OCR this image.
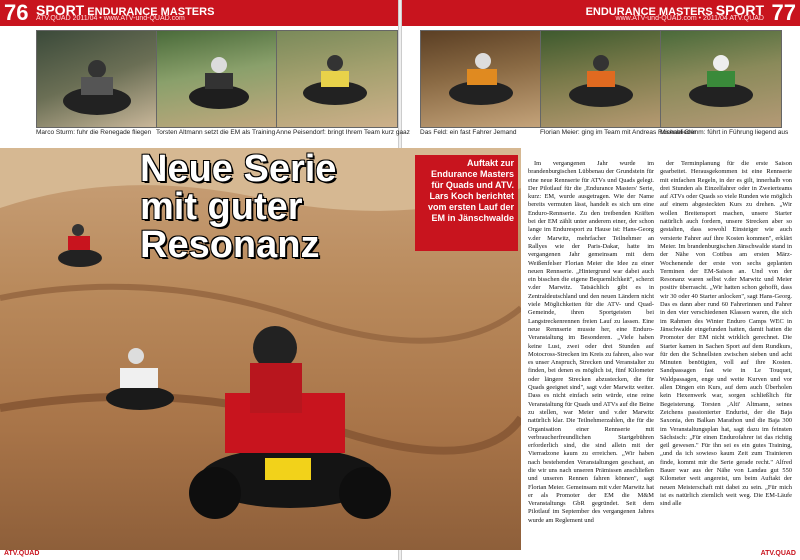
76 SPORT ENDURANCE MASTERS
ATV.QUAD 2011/04 • www.ATV-und-QUAD.com
ATV.QUAD
77
ENDURANCE MASTERS SPORT
www.ATV-und-QUAD.com • 2011/04 ATV.QUAD
ATV.QUAD
Marco Sturm: fuhr die Renegade fliegen Torsten Altmann setzt die EM als Training Anne Peisendorf: bringt Ihrem Team kurz gaaz Das Feld: ein fast Fahrer Jemand	Florian Meier: ging im Team mit Andreas Rosenblieder
Michael Grimm: führt in Führung liegend aus
Neue Serie
mit guter
Resonanz
Auftakt zur Endurance Masters für Quads und ATV. Lars Koch berichtet vom ersten Lauf der EM in Jänschwalde

Im vergangenen Jahr wurde im brandenburgischen Lübbenau der Grundstein für eine neue Rennserie für ATVs und Quads gelegt. Der Pilotlauf für die ‚Endurance Masters' Serie, kurz: EM, wurde ausgetragen. Wie der Name bereits vermuten lässt, handelt es sich um eine Enduro-Rennserie. Zu den treibenden Kräften bei der EM zählt unter anderem einer, der schon lange im Enduresport zu Hause ist: Hans-Georg v.der Marwitz, mehrfacher Teilnehmer an Rallyes wie der Paris-Dakar, hatte im vergangenen Jahr gemeinsam mit dem Weißenfelser Florian Meier die Idee zu einer neuen Rennserie. „Hintergrund war dabei auch ein bisschen die eigene Bequemlichkeit", scherzt v.der Marwitz. Tatsächlich gibt es in Zentraldeutschland und den neuen Ländern nicht viele Möglichkeiten für die ATV- und Quad-Gemeinde, ihren Sportgeisten bei Langstreckenrennen freien Lauf zu lassen. Eine neue Rennserie musste her, eine Enduro-Veranstaltung im Besonderen. „Viele haben keine Lust, zwei oder drei Stunden auf Motocross-Strecken im Kreis zu fahren, also war es unser Anspruch, Strecken und Veranstalter zu finden, bei denen es möglich ist, fünf Kilometer oder längere Strecken abzustecken, die für Quads geeignet sind", sagt v.der Marwitz weiter. Dass es nicht einfach sein würde, eine reine Veranstaltung für Quads und ATVs auf die Beine zu stellen, war Meier und v.der Marwitz natürlich klar. Die Teilnehmerzahlen, die für die Organisation einer Rennserie mit verbraucherfreundlichen Startgebühren erforderlich sind, die sind allein mit der Vierradzone kaum zu erreichen. „Wir haben nach bestehenden Veranstaltungen geschaut, an die wir uns nach unseren Prämissen anschließen und unseren Rennen fahren können", sagt Florian Meier. Gemeinsam mit v.der Marwitz hat er als Promoter der EM die M&M Veranstaltungs GbR gegründet. Seit dem Pilotlauf im September des vergangenen Jahres wurde am Reglement und

der Terminplanung für die erste Saison gearbeitet. Herausgekommen ist eine Rennserie mit einfachen Regeln, in der es gilt, innerhalb von drei Stunden als Einzelfahrer oder in Zweierteams auf ATVs oder Quads so viele Runden wie möglich auf einem abgesteckten Kurs zu drehen. „Wir wollen Breitensport machen, unsere Starter natürlich auch fordern, unsere Strecken aber so gestalten, dass sowohl Einsteiger wie auch versierte Fahrer auf ihre Kosten kommen", erklärt Meier. Im brandenburgischen Jänschwalde stand in der Nähe von Cottbus am ersten März-Wochenende der erste von sechs geplanten Terminen der EM-Saison an. Und von der Resonanz waren selbst v.der Marwitz und Meier positiv überrascht. „Wir hatten schon gehofft, dass wir 30 oder 40 Starter anlocken", sagt Hans-Georg. Das es dann aber rund 60 Fahrerinnen und Fahrer in den vier verschiedenen Klassen waren, die sich im Rahmen des Winter Enduro Camps WEC in Jänschwalde eingefunden hatten, damit hatten die Promoter der EM nicht wirklich gerechnet. Die Starter kamen in Sachen Sport auf dem Rundkurs, für den die Schnellsten zwischen sieben und acht Minuten benötigten, voll auf ihre Kosten. Sandpassagen fast wie in Le Touquet, Waldpassagen, enge und weite Kurven und vor allen Dingen ein Kurs, auf dem auch Überholen kein Hexenwerk war, sorgen schließlich für Begeisterung. Torsten ‚Alti' Altmann, seines Zeichens passionierter Endurist, der die Baja Saxonia, den Balkan Marathon und die Baja 300 im Veranstaltungsplan hat, sagt dazu im feinsten Sächsisch: „Für einen Endurofahrer ist das richtig geil gewesen." Für ihn sei es ein gutes Training, „und da ich sowieso kaum Zeit zum Trainieren finde, kommt mir die Serie gerade recht." Alfred Bauer war aus der Nähe von Landau gut 550 Kilometer weit angereist, um beim Auftakt der neuen Meisterschaft mit dabei zu sein. „Für mich ist es natürlich ziemlich weit weg. Die EM-Läufe sind alle
